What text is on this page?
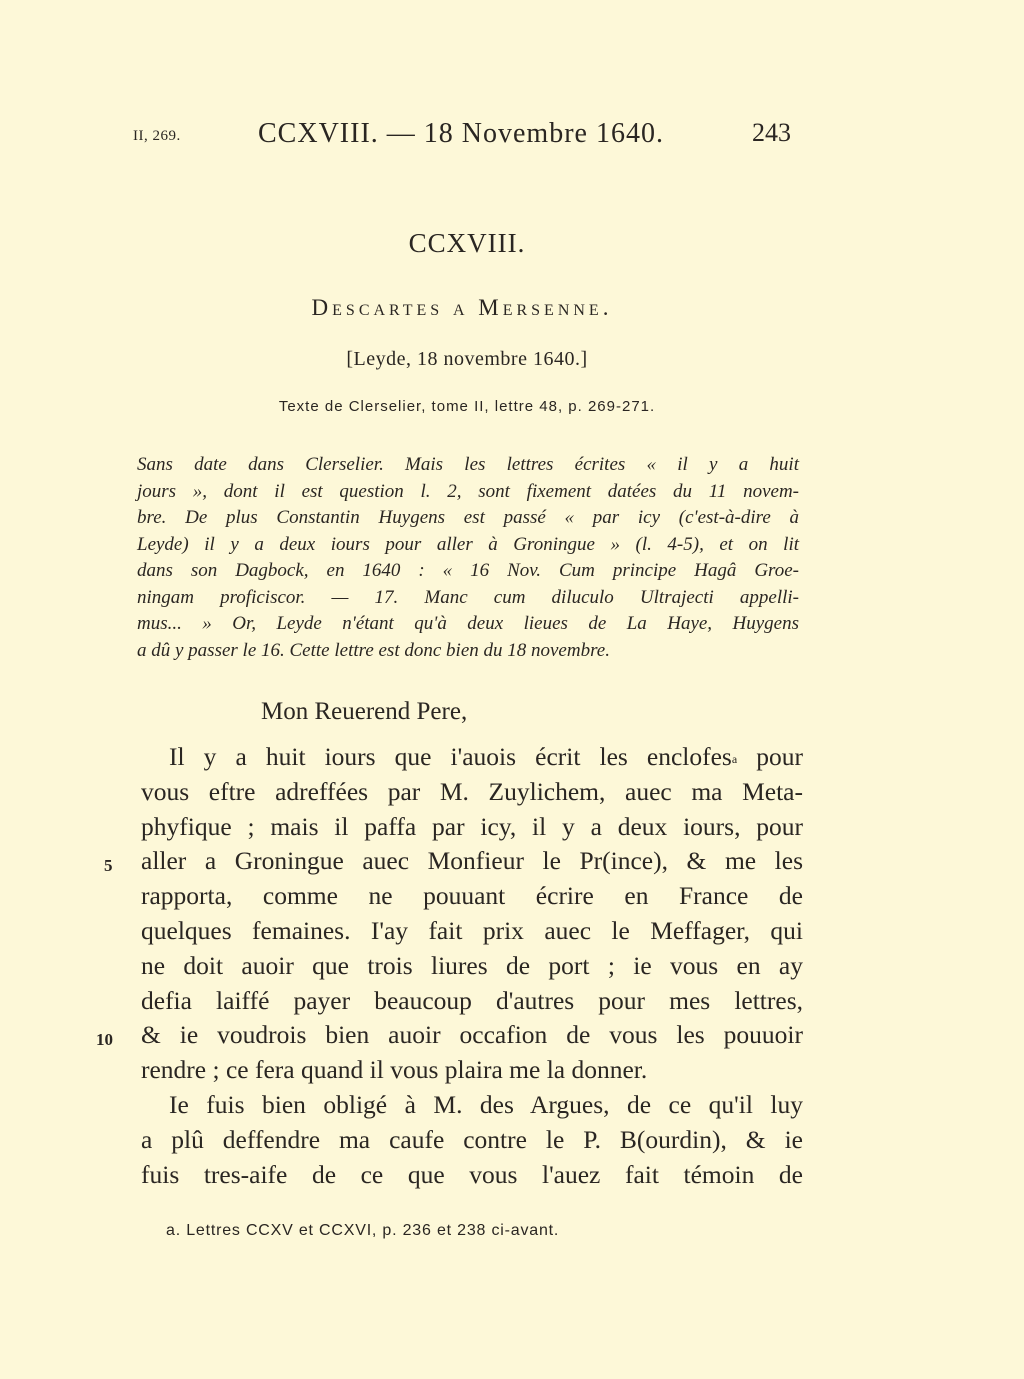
II, 269.	CCXVIII. — 18 Novembre 1640.	243
CCXVIII.
Descartes a Mersenne.
[Leyde, 18 novembre 1640.]
Texte de Clerselier, tome II, lettre 48, p. 269-271.
Sans date dans Clerselier. Mais les lettres écrites « il y a huit
jours », dont il est question l. 2, sont fixement datées du 11 novem-
bre. De plus Constantin Huygens est passé « par icy (c'est-à-dire à
Leyde) il y a deux iours pour aller à Groningue » (l. 4-5), et on lit
dans son Dagbock, en 1640 : « 16 Nov. Cum principe Hagâ Groe-
ningam proficiscor. — 17. Manc cum diluculo Ultrajecti appelli-
mus... » Or, Leyde n'étant qu'à deux lieues de La Haye, Huygens
a dû y passer le 16. Cette lettre est donc bien du 18 novembre.
Mon Reuerend Pere,
Il y a huit iours que i'auois écrit les enclofes$^a$ pour
vous eftre adreffées par M. Zuylichem, auec ma Meta-
phyfique ; mais il paffa par icy, il y a deux iours, pour
aller a Groningue auec Monfieur le Pr(ince), & me les
rapporta, comme ne pouuant écrire en France de
quelques femaines. I'ay fait prix auec le Meffager, qui
ne doit auoir que trois liures de port ; ie vous en ay
defia laiffé payer beaucoup d'autres pour mes lettres,
& ie voudrois bien auoir occafion de vous les pouuoir
rendre ; ce fera quand il vous plaira me la donner.
Ie fuis bien obligé à M. des Argues, de ce qu'il luy
a plû deffendre ma caufe contre le P. B(ourdin), & ie
fuis tres-aife de ce que vous l'auez fait témoin de
5
10
a. Lettres CCXV et CCXVI, p. 236 et 238 ci-avant.
